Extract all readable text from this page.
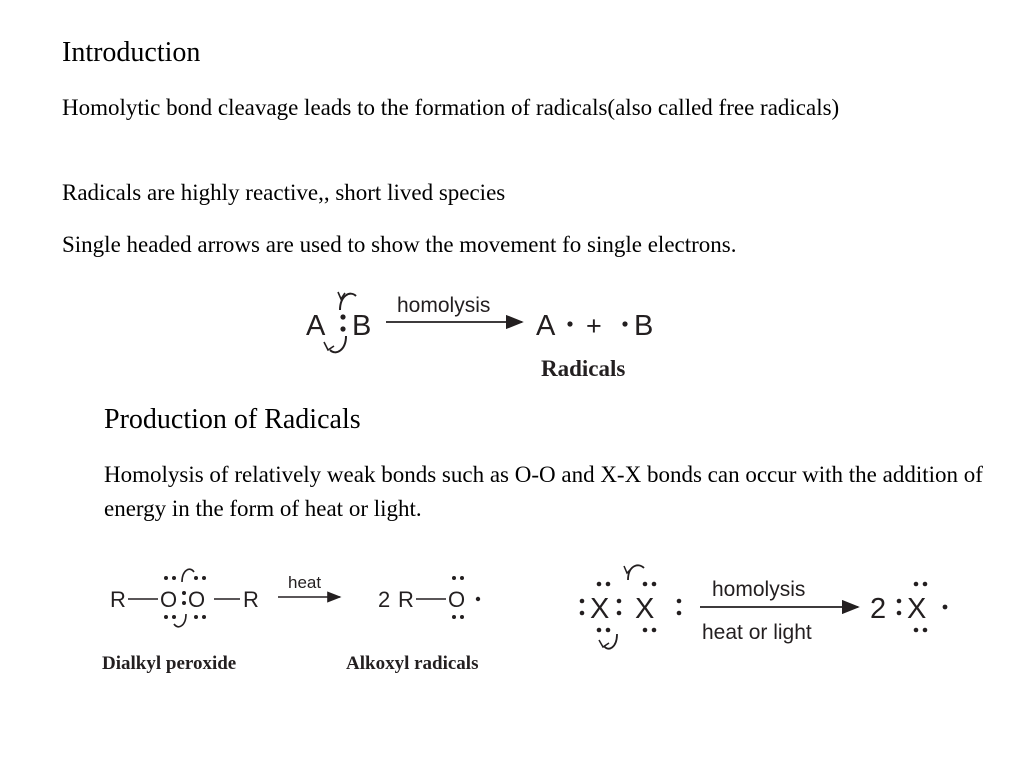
Introduction

Homolytic bond cleavage leads to the formation of radicals(also called free radicals)

Radicals are highly reactive,, short lived species

Single headed arrows are used to show the movement fo single electrons.

A B
homolysis
A + B
Radicals
Production of Radicals

Homolysis of relatively weak bonds such as O-O and X-X bonds can occur with the addition of energy in the form of heat or light.

R O O R
heat
2 R O
Dialkyl peroxide	Alkoxyl radicals
X X
homolysis
heat or light
2 X
